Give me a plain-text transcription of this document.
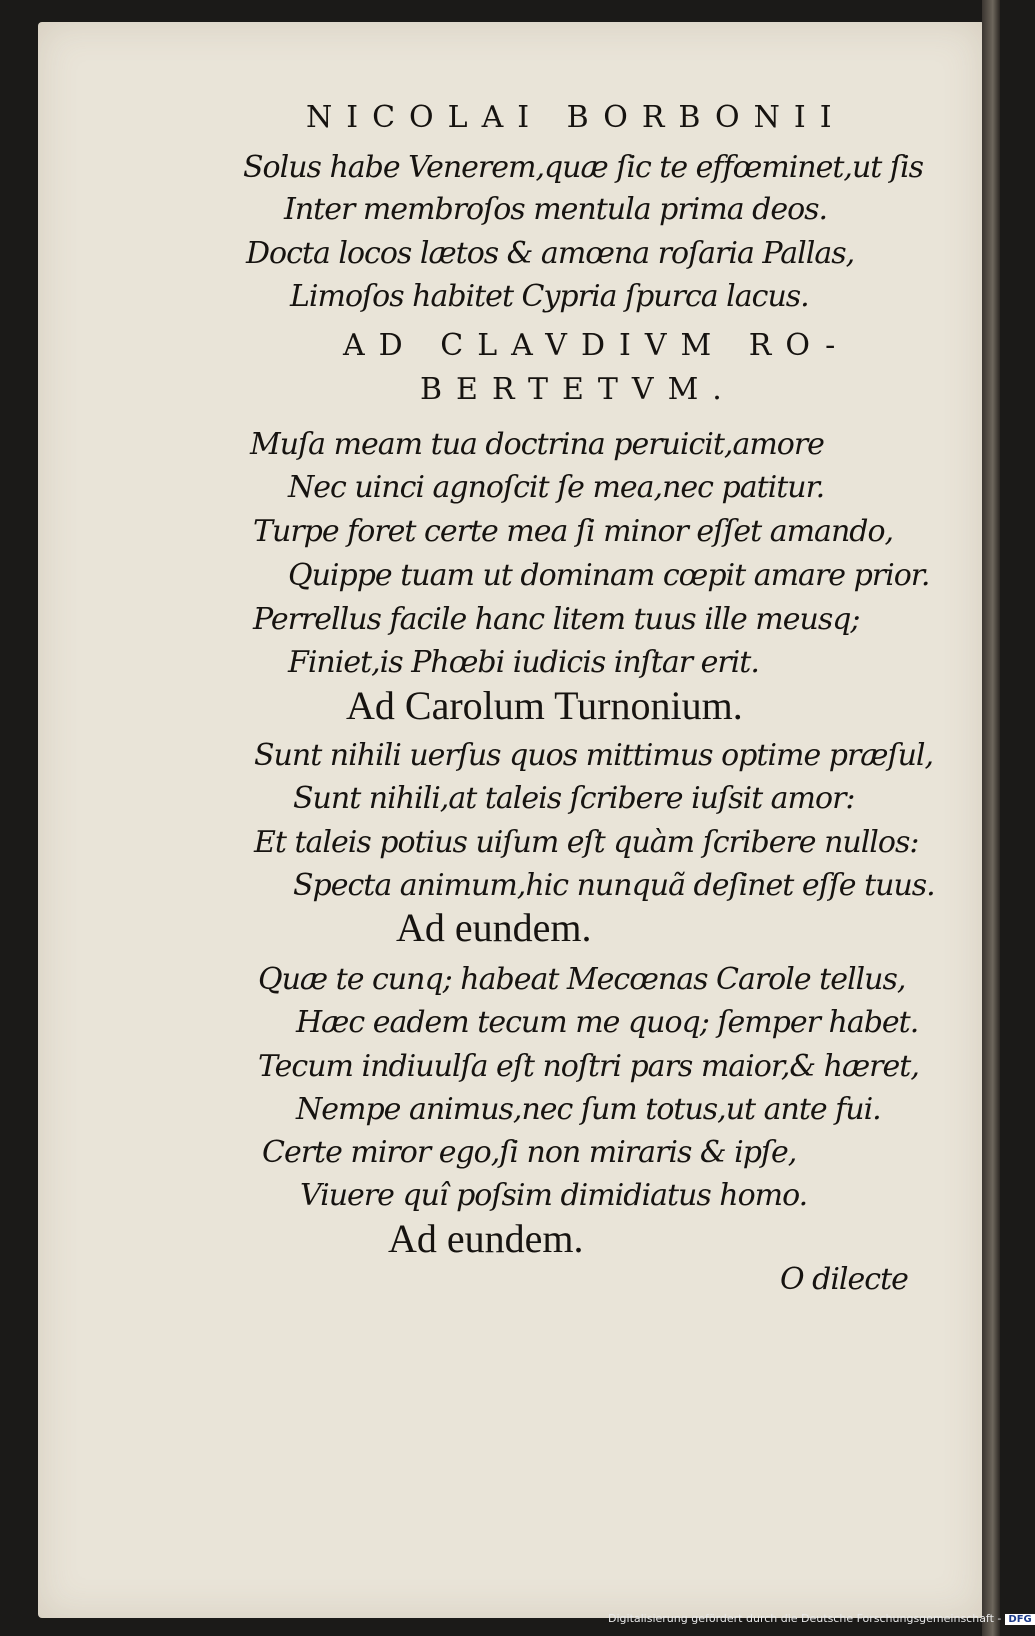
NICOLAI BORBONII
Solus habe Venerem,quæ ſic te effœminet,ut ſis
Inter membroſos mentula prima deos.
Docta locos lætos & amœna roſaria Pallas,
Limoſos habitet Cypria ſpurca lacus.
AD CLAVDIVM RO-
BERTETVM.
Muſa meam tua doctrina peruicit,amore
Nec uinci agnoſcit ſe mea,nec patitur.
Turpe foret certe mea ſi minor eſſet amando,
Quippe tuam ut dominam cœpit amare prior.
Perrellus facile hanc litem tuus ille meusq;
Finiet,is Phœbi iudicis inſtar erit.
Ad Carolum Turnonium.
Sunt nihili uerſus quos mittimus optime præſul,
Sunt nihili,at taleis ſcribere iuſsit amor:
Et taleis potius uiſum eſt quàm ſcribere nullos:
Specta animum,hic nunquã deſinet eſſe tuus.
Ad eundem.
Quæ te cunq; habeat Mecœnas Carole tellus,
Hæc eadem tecum me quoq; ſemper habet.
Tecum indiuulſa eſt noſtri pars maior,& hæret,
Nempe animus,nec ſum totus,ut ante fui.
Certe miror ego,ſi non miraris & ipſe,
Viuere quî poſsim dimidiatus homo.
Ad eundem.
O dilecte
Digitalisierung gefördert durch die Deutsche Forschungsgemeinschaft - DFG
